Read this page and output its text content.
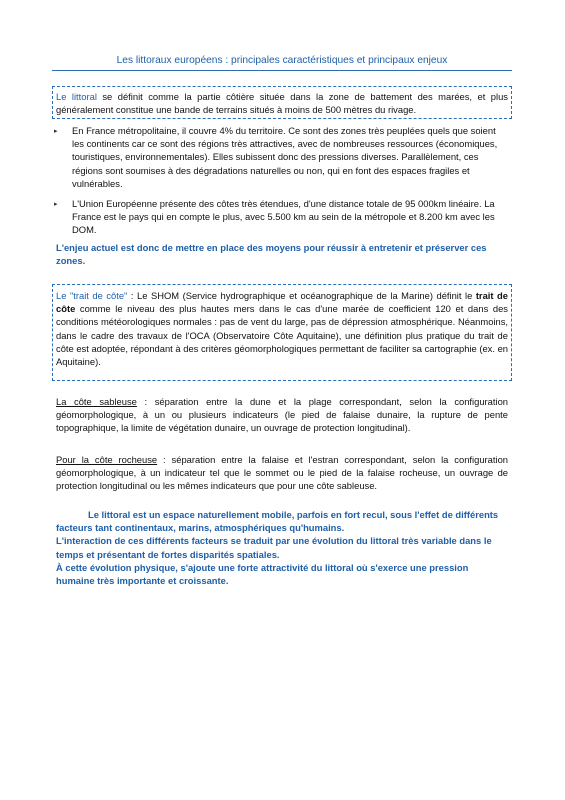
Les littoraux européens : principales caractéristiques et principaux enjeux

Le littoral se définit comme la partie côtière située dans la zone de battement des marées, et plus généralement constitue une bande de terrains situés à moins de 500 mètres du rivage.

▸ En France métropolitaine, il couvre 4% du territoire. Ce sont des zones très peuplées quels que soient les continents car ce sont des régions très attractives, avec de nombreuses ressources (économiques, touristiques, environnementales). Elles subissent donc des pressions diverses. Parallèlement, ces régions sont soumises à des dégradations naturelles ou non, qui en font des espaces fragiles et vulnérables.

▸ L'Union Européenne présente des côtes très étendues, d'une distance totale de 95 000km linéaire. La France est le pays qui en compte le plus, avec 5.500 km au sein de la métropole et 8.200 km avec les DOM.

L'enjeu actuel est donc de mettre en place des moyens pour réussir à entretenir et préserver ces zones.

Le "trait de côte" : Le SHOM (Service hydrographique et océanographique de la Marine) définit le trait de côte comme le niveau des plus hautes mers dans le cas d'une marée de coefficient 120 et dans des conditions météorologiques normales : pas de vent du large, pas de dépression atmosphérique. Néanmoins, dans le cadre des travaux de l'OCA (Observatoire Côte Aquitaine), une définition plus pratique du trait de côte est adoptée, répondant à des critères géomorphologiques permettant de faciliter sa cartographie (ex. en Aquitaine).

La côte sableuse : séparation entre la dune et la plage correspondant, selon la configuration géomorphologique, à un ou plusieurs indicateurs (le pied de falaise dunaire, la rupture de pente topographique, la limite de végétation dunaire, un ouvrage de protection longitudinal).

Pour la côte rocheuse : séparation entre la falaise et l'estran correspondant, selon la configuration géomorphologique, à un indicateur tel que le sommet ou le pied de la falaise rocheuse, un ouvrage de protection longitudinal ou les mêmes indicateurs que pour une côte sableuse.

Le littoral est un espace naturellement mobile, parfois en fort recul, sous l'effet de différents facteurs tant continentaux, marins, atmosphériques qu'humains.
L'interaction de ces différents facteurs se traduit par une évolution du littoral très variable dans le temps et présentant de fortes disparités spatiales.
À cette évolution physique, s'ajoute une forte attractivité du littoral où s'exerce une pression humaine très importante et croissante.
